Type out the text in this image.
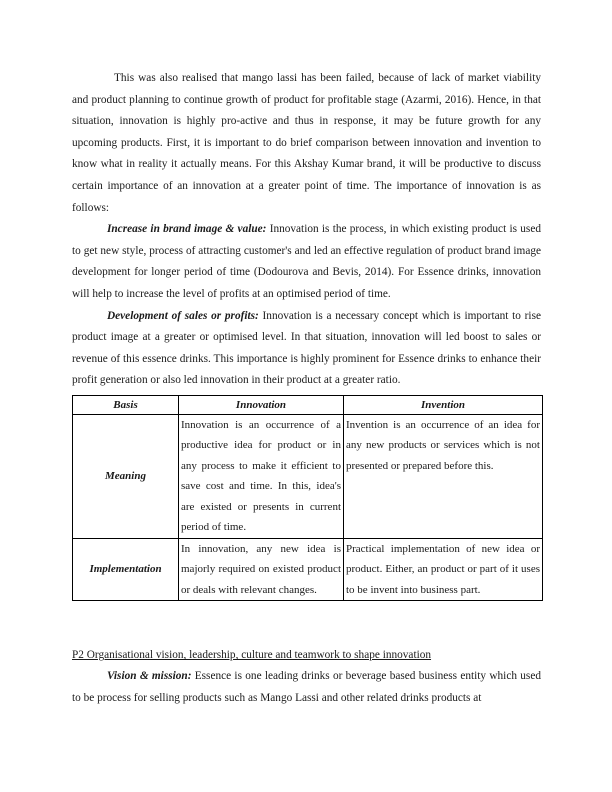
This was also realised that mango lassi has been failed, because of lack of market viability and product planning to continue growth of product for profitable stage (Azarmi, 2016). Hence, in that situation, innovation is highly pro-active and thus in response, it may be future growth for any upcoming products. First, it is important to do brief comparison between innovation and invention to know what in reality it actually means. For this Akshay Kumar brand, it will be productive to discuss certain importance of an innovation at a greater point of time. The importance of innovation is as follows:

Increase in brand image & value: Innovation is the process, in which existing product is used to get new style, process of attracting customer's and led an effective regulation of product brand image development for longer period of time (Dodourova and Bevis, 2014). For Essence drinks, innovation will help to increase the level of profits at an optimised period of time.

Development of sales or profits: Innovation is a necessary concept which is important to rise product image at a greater or optimised level. In that situation, innovation will led boost to sales or revenue of this essence drinks. This importance is highly prominent for Essence drinks to enhance their profit generation or also led innovation in their product at a greater ratio.

Basis	Innovation	Invention
Meaning	Innovation is an occurrence of a productive idea for product or in any process to make it efficient to save cost and time. In this, idea's are existed or presents in current period of time.	Invention is an occurrence of an idea for any new products or services which is not presented or prepared before this.
Implementation	In innovation, any new idea is majorly required on existed product or deals with relevant changes.	Practical implementation of new idea or product. Either, an product or part of it uses to be invent into business part.

P2 Organisational vision, leadership, culture and teamwork to shape innovation

Vision & mission: Essence is one leading drinks or beverage based business entity which used to be process for selling products such as Mango Lassi and other related drinks products at
